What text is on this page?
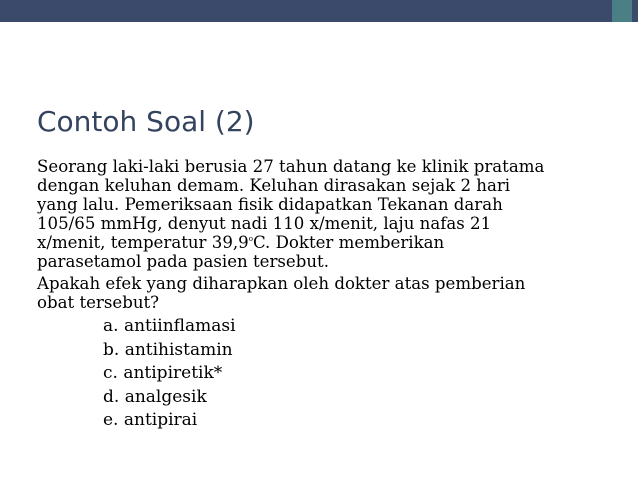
Contoh Soal (2)

Seorang laki-laki berusia 27 tahun datang ke klinik pratama
dengan keluhan demam. Keluhan dirasakan sejak 2 hari
yang lalu. Pemeriksaan fisik didapatkan Tekanan darah
105/65 mmHg, denyut nadi 110 x/menit, laju nafas 21
x/menit, temperatur 39,9$^o$C. Dokter memberikan
parasetamol pada pasien tersebut.

Apakah efek yang diharapkan oleh dokter atas pemberian
obat tersebut?

a. antiinflamasi
b. antihistamin
c. antipiretik*
d. analgesik
e. antipirai
